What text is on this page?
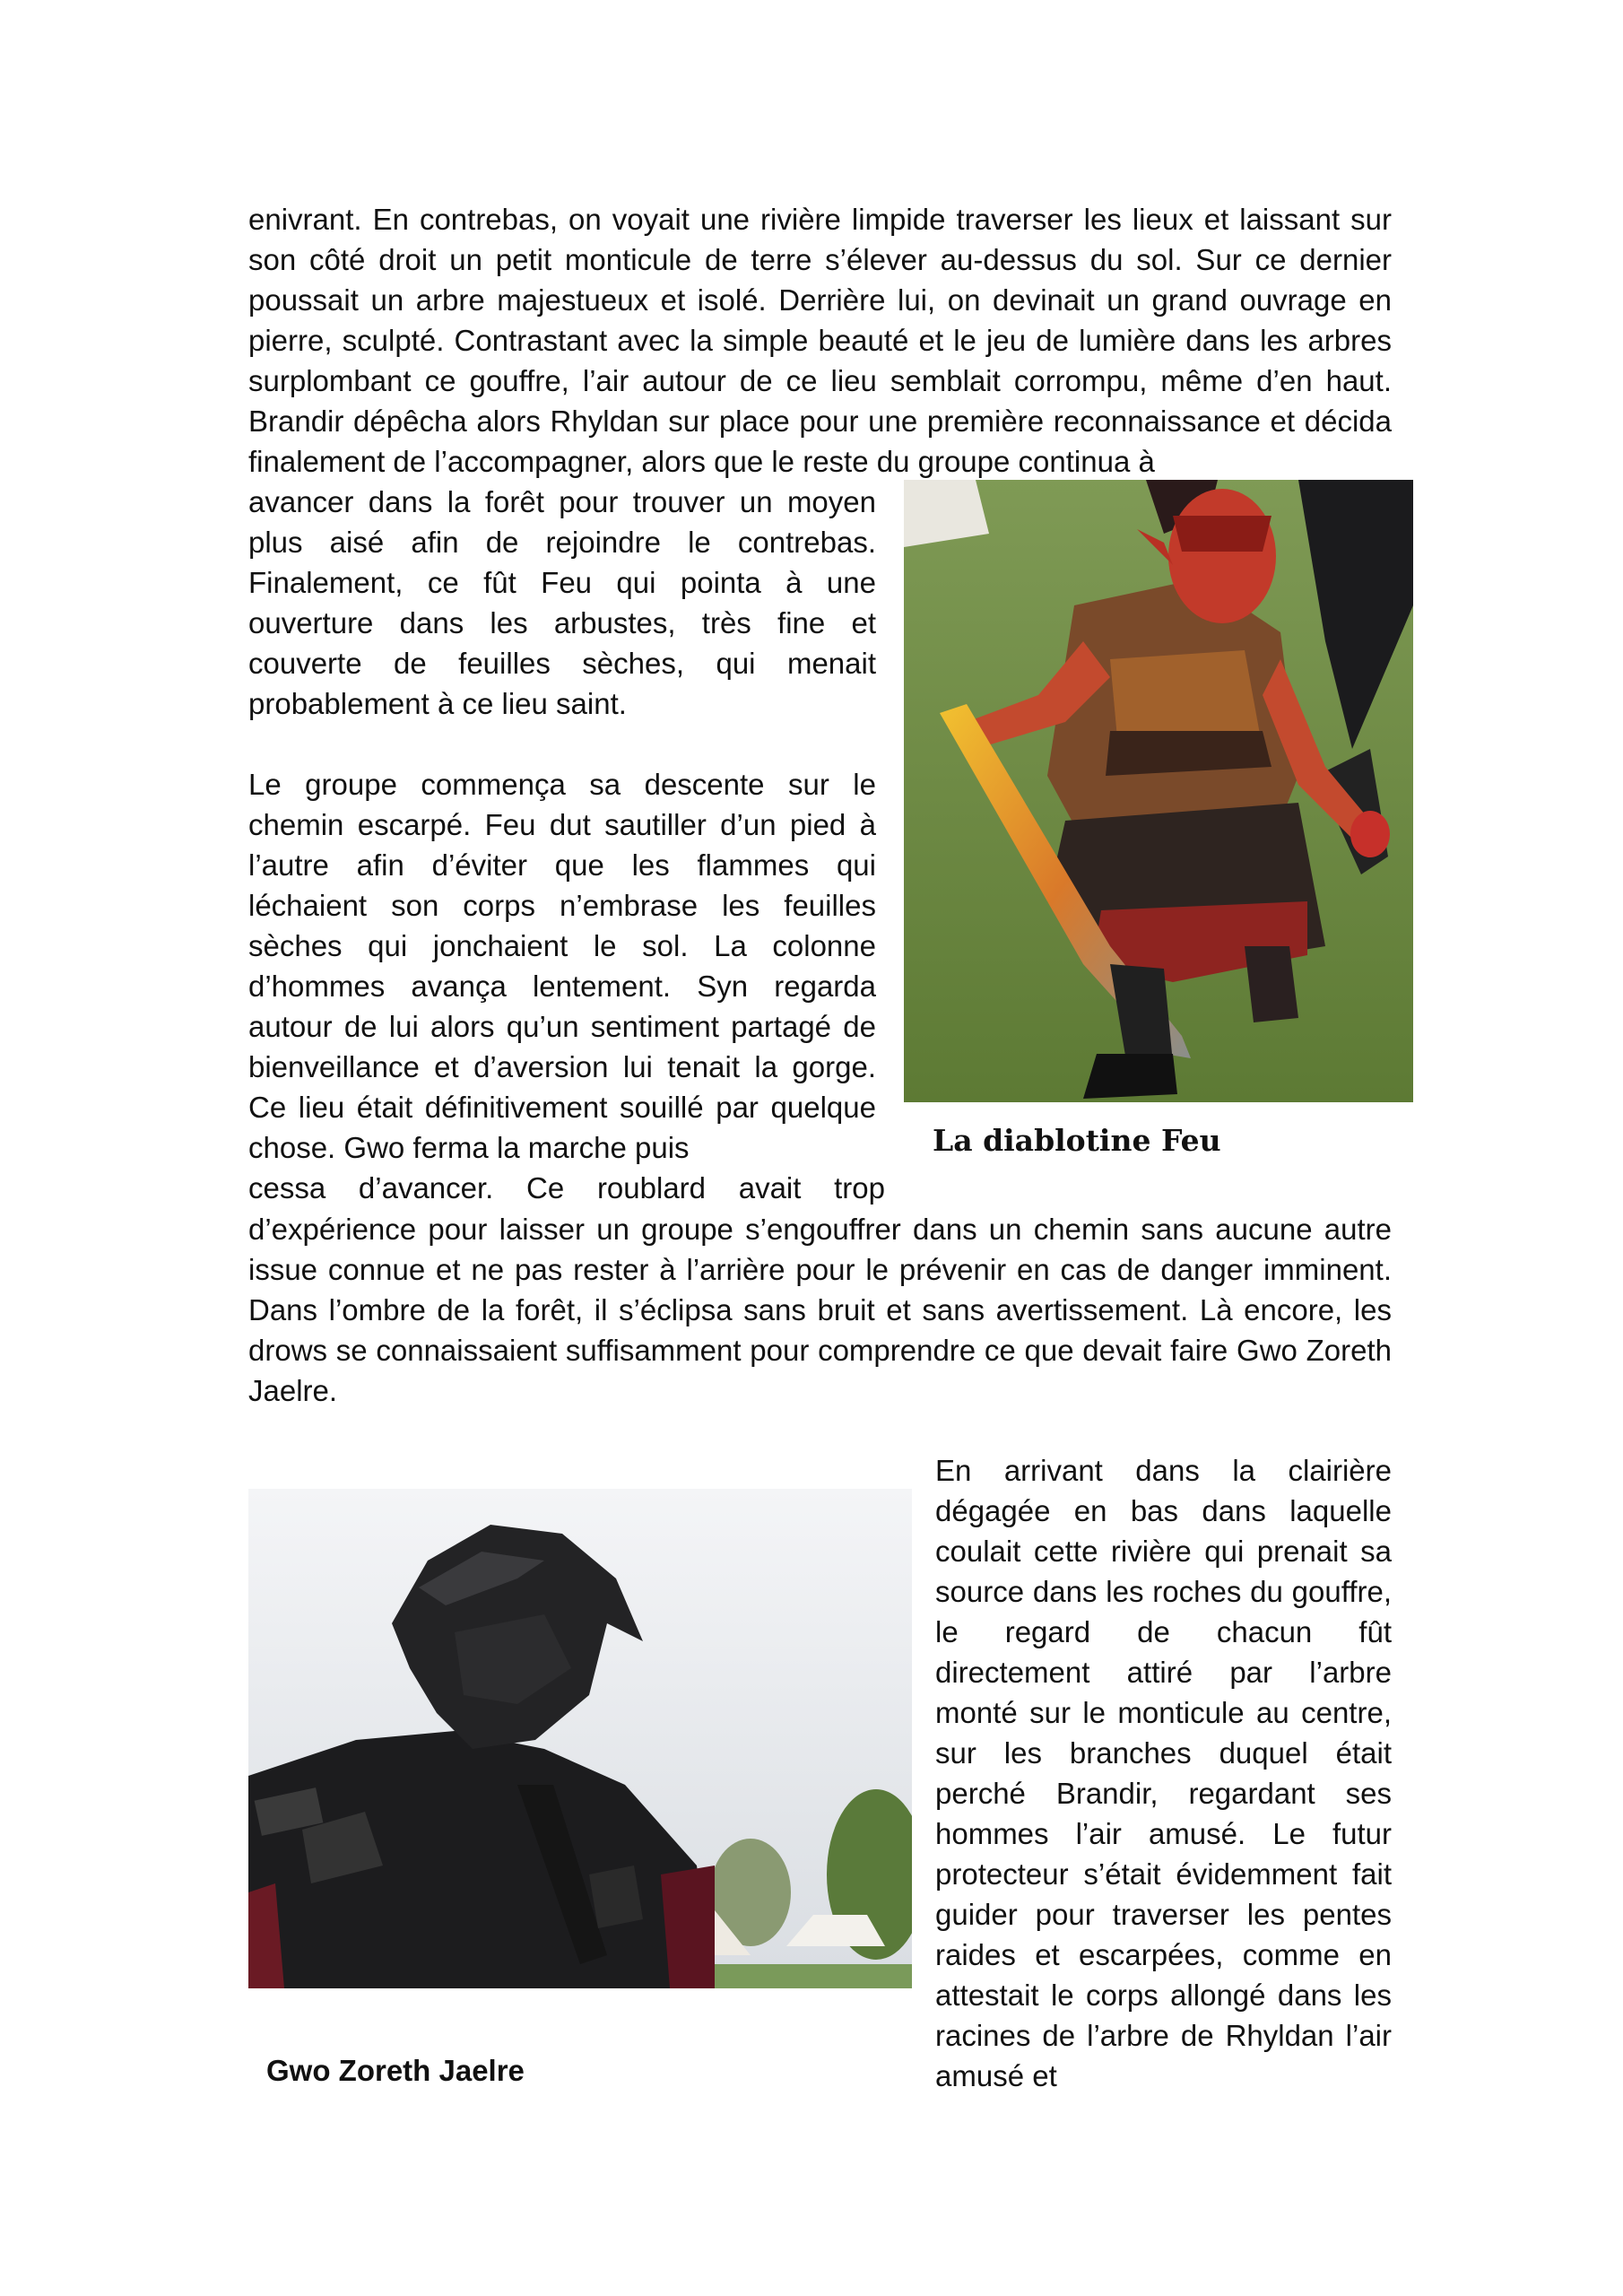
enivrant. En contrebas, on voyait une rivière limpide traverser les lieux et laissant sur son côté droit un petit monticule de terre s’élever au-dessus du sol. Sur ce dernier poussait un arbre majestueux et isolé. Derrière lui, on devinait un grand ouvrage en pierre, sculpté. Contrastant avec la simple beauté et le jeu de lumière dans les arbres surplombant ce gouffre, l’air autour de ce lieu semblait corrompu, même d’en haut. Brandir dépêcha alors Rhyldan sur place pour une première reconnaissance et décida finalement de l’accompagner, alors que le reste du groupe continua à

avancer dans la forêt pour trouver un moyen plus aisé afin de rejoindre le contrebas. Finalement, ce fût Feu qui pointa à une ouverture dans les arbustes, très fine et couverte de feuilles sèches, qui menait probablement à ce lieu saint.

Le groupe commença sa descente sur le chemin escarpé. Feu dut sautiller d’un pied à l’autre afin d’éviter que les flammes qui léchaient son corps n’embrase les feuilles sèches qui jonchaient le sol. La colonne d’hommes avança lentement. Syn regarda autour de lui alors qu’un sentiment partagé de bienveillance et d’aversion lui tenait la gorge. Ce lieu était définitivement souillé par quelque chose. Gwo ferma la marche puis

cessa d’avancer. Ce roublard avait trop

d’expérience pour laisser un groupe s’engouffrer dans un chemin sans aucune autre issue connue et ne pas rester à l’arrière pour le prévenir en cas de danger imminent. Dans l’ombre de la forêt, il s’éclipsa sans bruit et sans avertissement. Là encore, les drows se connaissaient suffisamment pour comprendre ce que devait faire Gwo Zoreth Jaelre.

En arrivant dans la clairière dégagée en bas dans laquelle coulait cette rivière qui prenait sa source dans les roches du gouffre, le regard de chacun fût directement attiré par l’arbre monté sur le monticule au centre, sur les branches duquel était perché Brandir, regardant ses hommes l’air amusé. Le futur protecteur s’était évidemment fait guider pour traverser les pentes raides et escarpées, comme en attestait le corps allongé dans les racines de l’arbre de Rhyldan l’air amusé et

La diablotine Feu

Gwo Zoreth Jaelre
